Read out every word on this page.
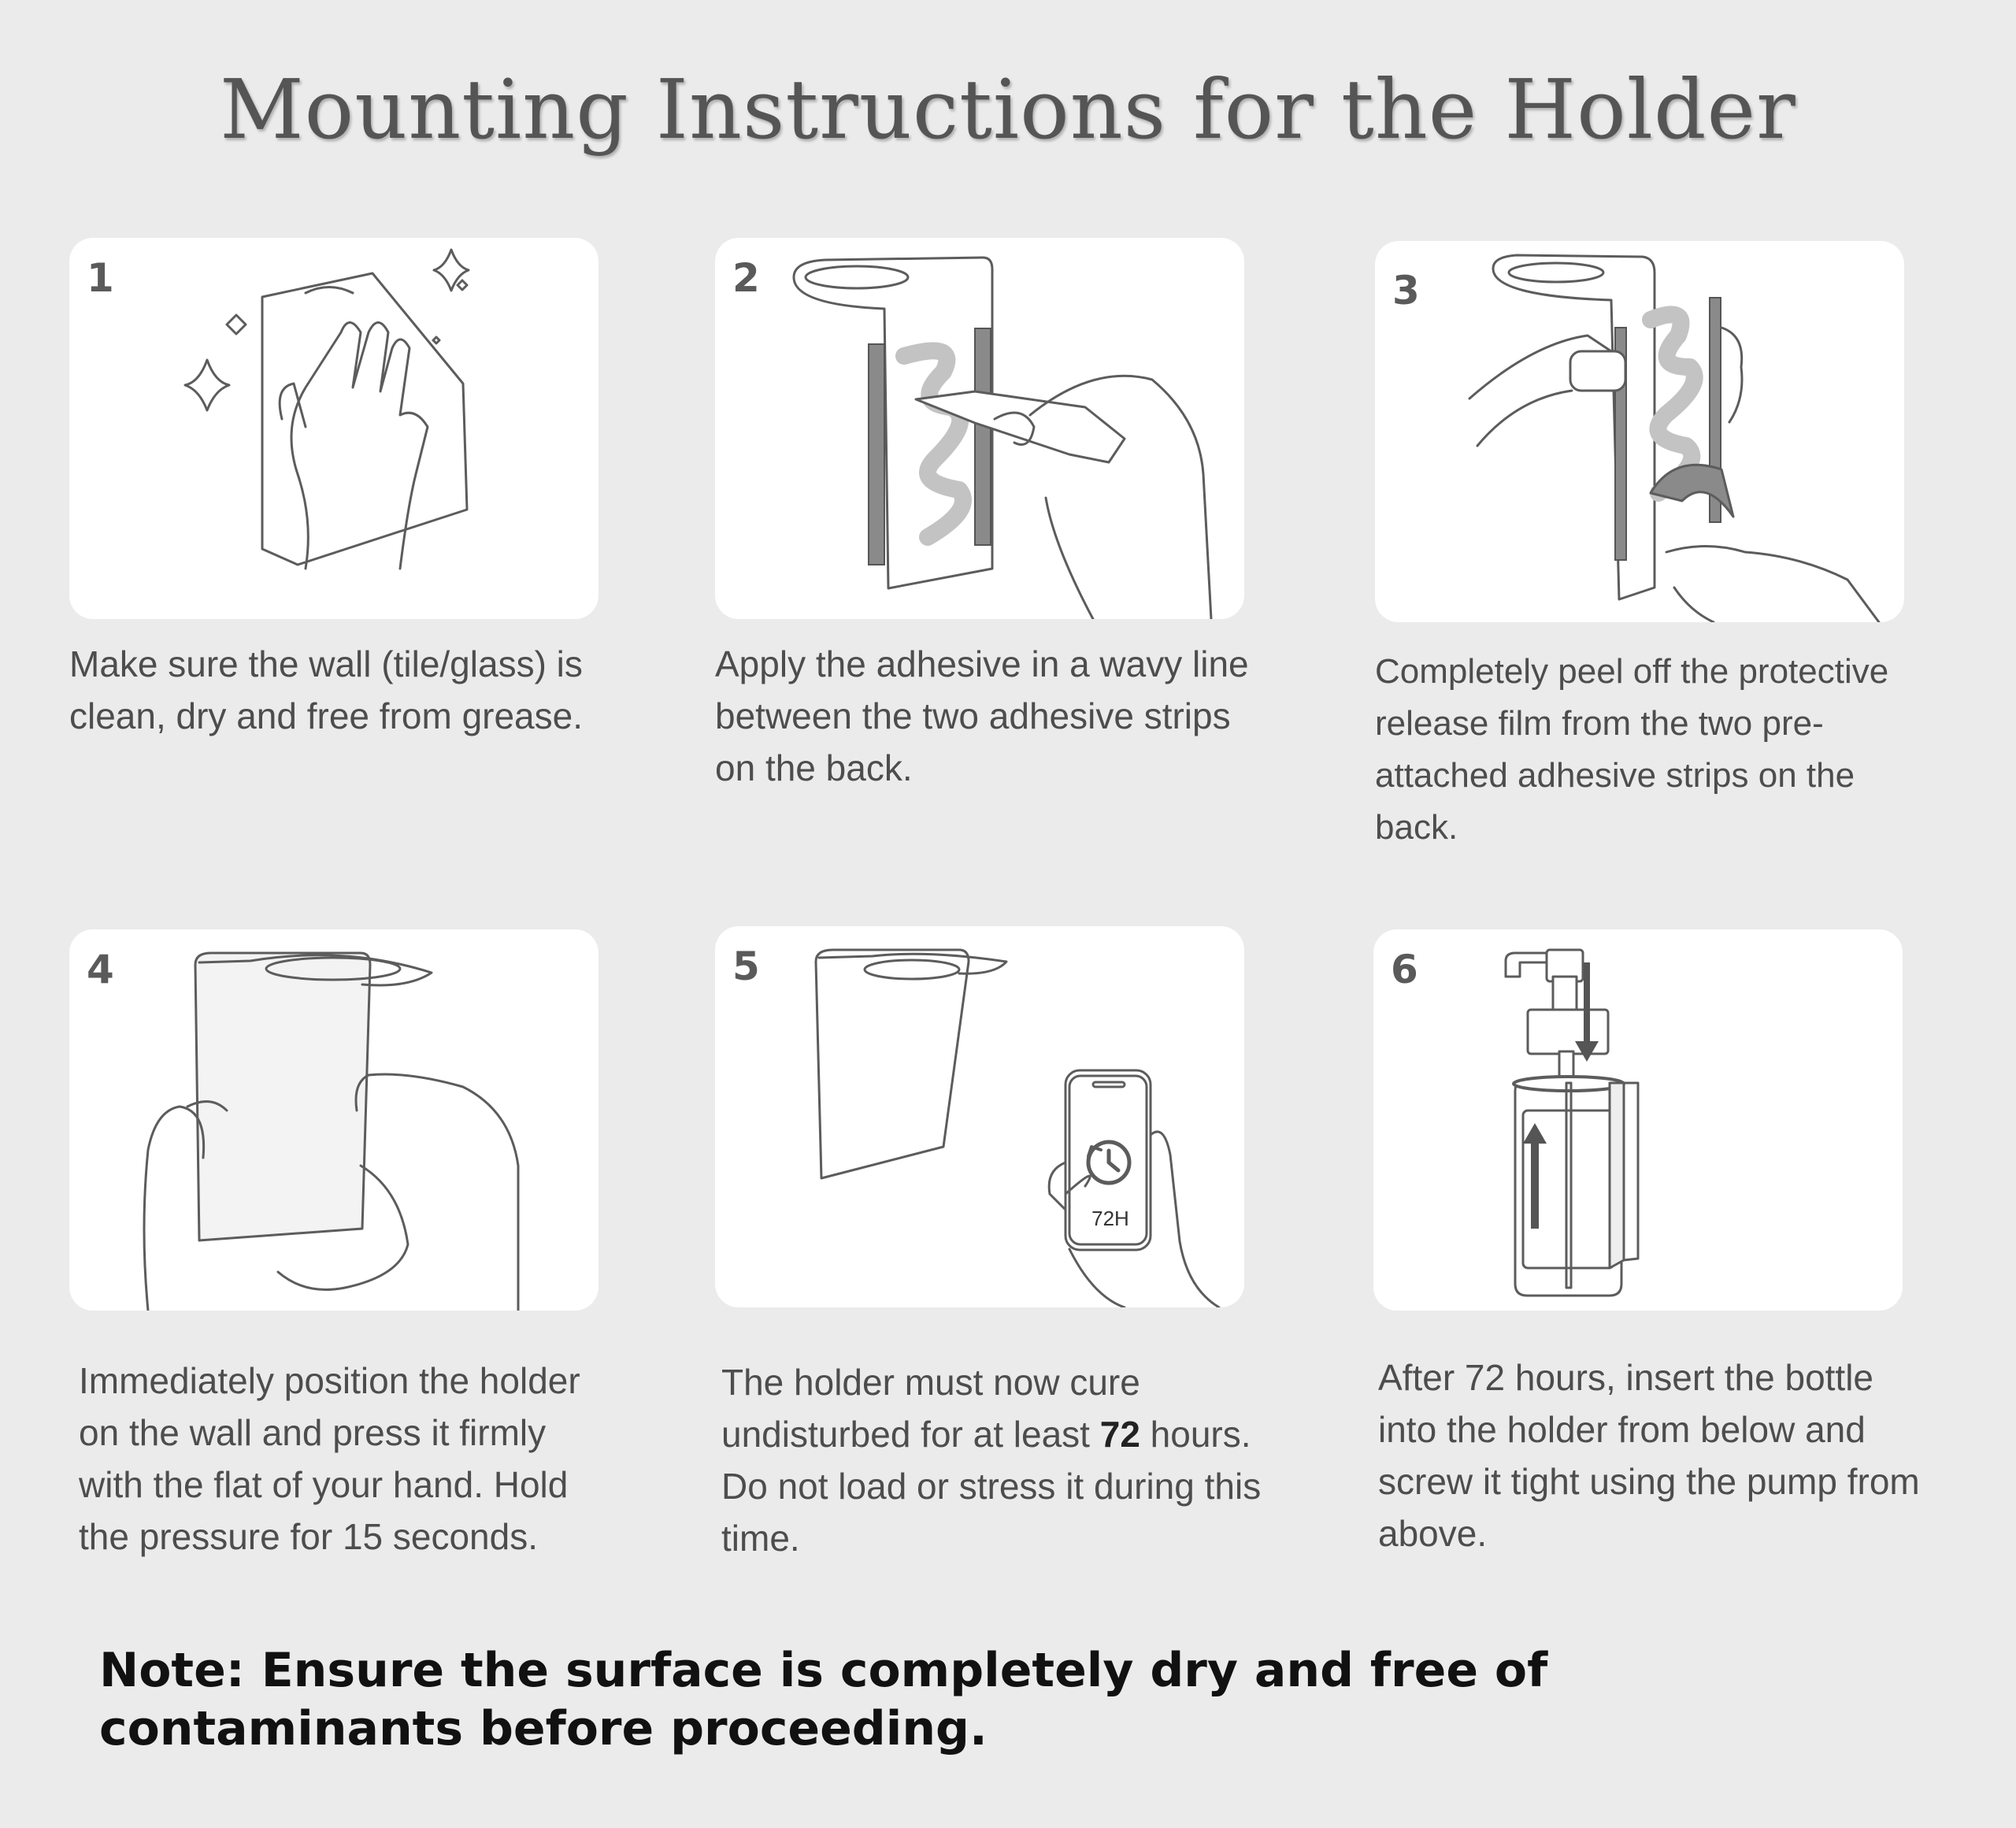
Mounting Instructions for the Holder
1

Make sure the wall (tile/glass) is clean, dry and free from grease.

2

Apply the adhesive in a wavy line between the two adhesive strips on the back.

3

Completely peel off the protective release film from the two pre-attached adhesive strips on the back.

4

Immediately position the holder on the wall and press it firmly with the flat of your hand. Hold the pressure for 15 seconds.

5
72H

The holder must now cure undisturbed for at least 72 hours. Do not load or stress it during this time.

6

After 72 hours, insert the bottle into the holder from below and screw it tight using the pump from above.

Note: Ensure the surface is completely dry and free of contaminants before proceeding.
